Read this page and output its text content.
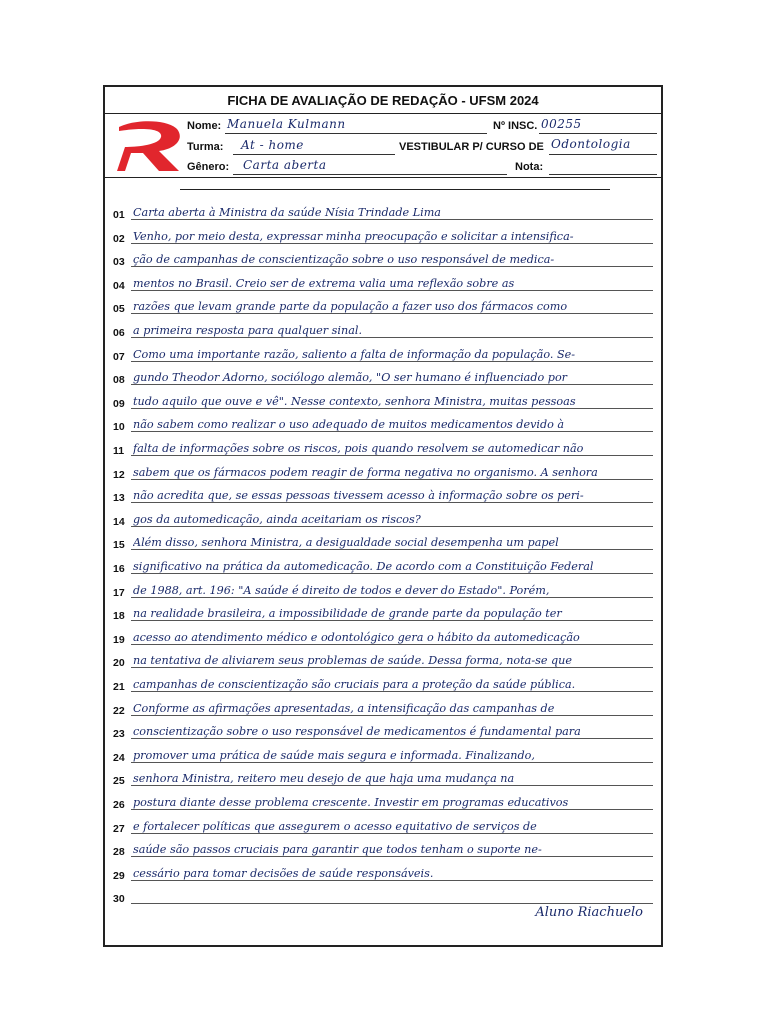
FICHA DE AVALIAÇÃO DE REDAÇÃO - UFSM 2024
Nome: Manuela Kulmann	Nº INSC. 00255
Turma: At - home	VESTIBULAR P/ CURSO DE Odontologia
Gênero: Carta aberta	Nota:
01 Carta aberta à Ministra da saúde Nísia Trindade Lima
02 Venho, por meio desta, expressar minha preocupação e solicitar a intensifica-
03 ção de campanhas de conscientização sobre o uso responsável de medica-
04 mentos no Brasil. Creio ser de extrema valia uma reflexão sobre as
05 razões que levam grande parte da população a fazer uso dos fármacos como
06 a primeira resposta para qualquer sinal.
07 Como uma importante razão, saliento a falta de informação da população. Se-
08 gundo Theodor Adorno, sociólogo alemão, "O ser humano é influenciado por
09 tudo aquilo que ouve e vê". Nesse contexto, senhora Ministra, muitas pessoas
10 não sabem como realizar o uso adequado de muitos medicamentos devido à
11 falta de informações sobre os riscos, pois quando resolvem se automedicar não
12 sabem que os fármacos podem reagir de forma negativa no organismo. A senhora
13 não acredita que, se essas pessoas tivessem acesso à informação sobre os peri-
14 gos da automedicação, ainda aceitariam os riscos?
15 Além disso, senhora Ministra, a desigualdade social desempenha um papel
16 significativo na prática da automedicação. De acordo com a Constituição Federal
17 de 1988, art. 196: "A saúde é direito de todos e dever do Estado". Porém,
18 na realidade brasileira, a impossibilidade de grande parte da população ter
19 acesso ao atendimento médico e odontológico gera o hábito da automedicação
20 na tentativa de aliviarem seus problemas de saúde. Dessa forma, nota-se que
21 campanhas de conscientização são cruciais para a proteção da saúde pública.
22 Conforme as afirmações apresentadas, a intensificação das campanhas de
23 conscientização sobre o uso responsável de medicamentos é fundamental para
24 promover uma prática de saúde mais segura e informada. Finalizando,
25 senhora Ministra, reitero meu desejo de que haja uma mudança na
26 postura diante desse problema crescente. Investir em programas educativos
27 e fortalecer políticas que assegurem o acesso equitativo de serviços de
28 saúde são passos cruciais para garantir que todos tenham o suporte ne-
29 cessário para tomar decisões de saúde responsáveis.
30
Aluno Riachuelo
